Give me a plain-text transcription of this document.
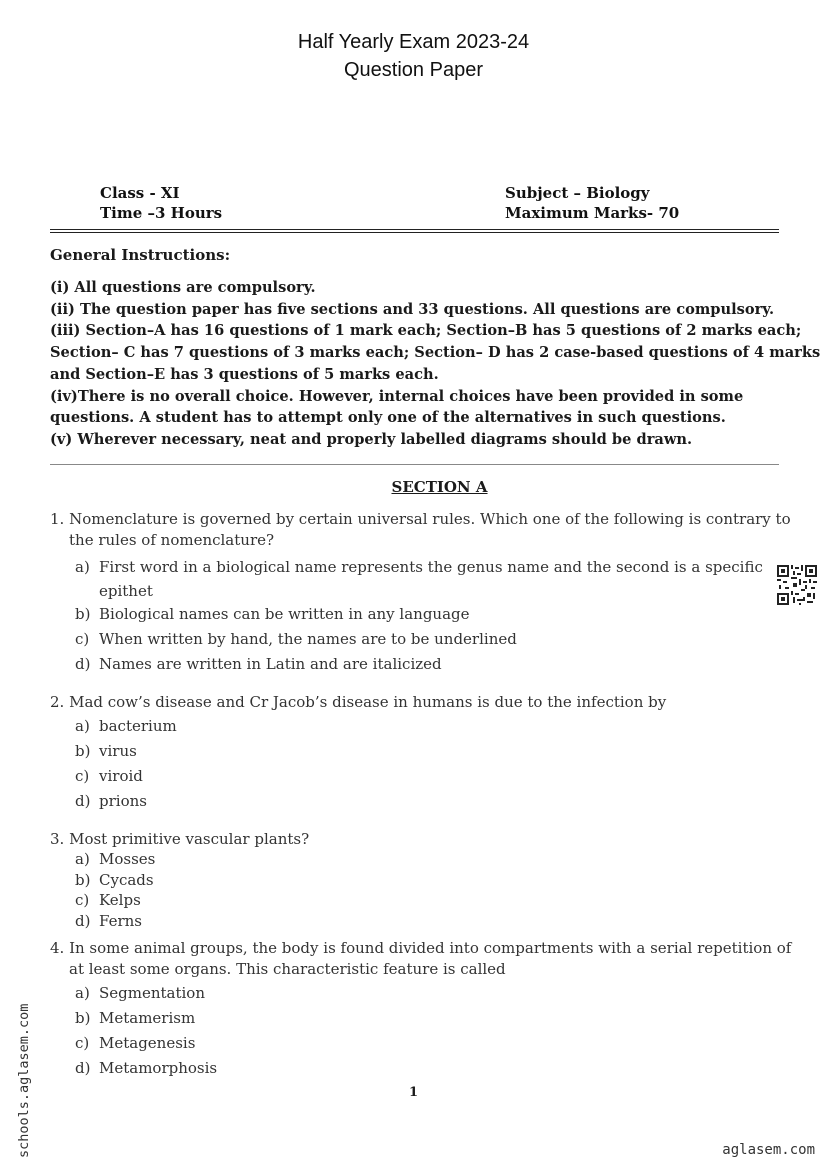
Half Yearly Exam 2023-24
Question Paper
Class - XI
Time –3 Hours
Subject – Biology
Maximum Marks- 70
General Instructions:
(i) All questions are compulsory.
(ii) The question paper has five sections and 33 questions. All questions are compulsory.
(iii) Section–A has 16 questions of 1 mark each; Section–B has 5 questions of 2 marks each;
Section– C has 7 questions of 3 marks each; Section– D has 2 case-based questions of 4 marks
and Section–E has 3 questions of 5 marks each.
(iv)There is no overall choice. However, internal choices have been provided in some
questions. A student has to attempt only one of the alternatives in such questions.
(v) Wherever necessary, neat and properly labelled diagrams should be drawn.
SECTION A
1. Nomenclature is governed by certain universal rules. Which one of the following is contrary to
the rules of nomenclature?
a) First word in a biological name represents the genus name and the second is a specific
epithet
b) Biological names can be written in any language
c) When written by hand, the names are to be underlined
d) Names are written in Latin and are italicized
2. Mad cow’s disease and Cr Jacob’s disease in humans is due to the infection by
a) bacterium
b) virus
c) viroid
d) prions
3. Most primitive vascular plants?
a) Mosses
b) Cycads
c) Kelps
d) Ferns
4. In some animal groups, the body is found divided into compartments with a serial repetition of
at least some organs. This characteristic feature is called
a) Segmentation
b) Metamerism
c) Metagenesis
d) Metamorphosis
1
schools.aglasem.com	aglasem.com
